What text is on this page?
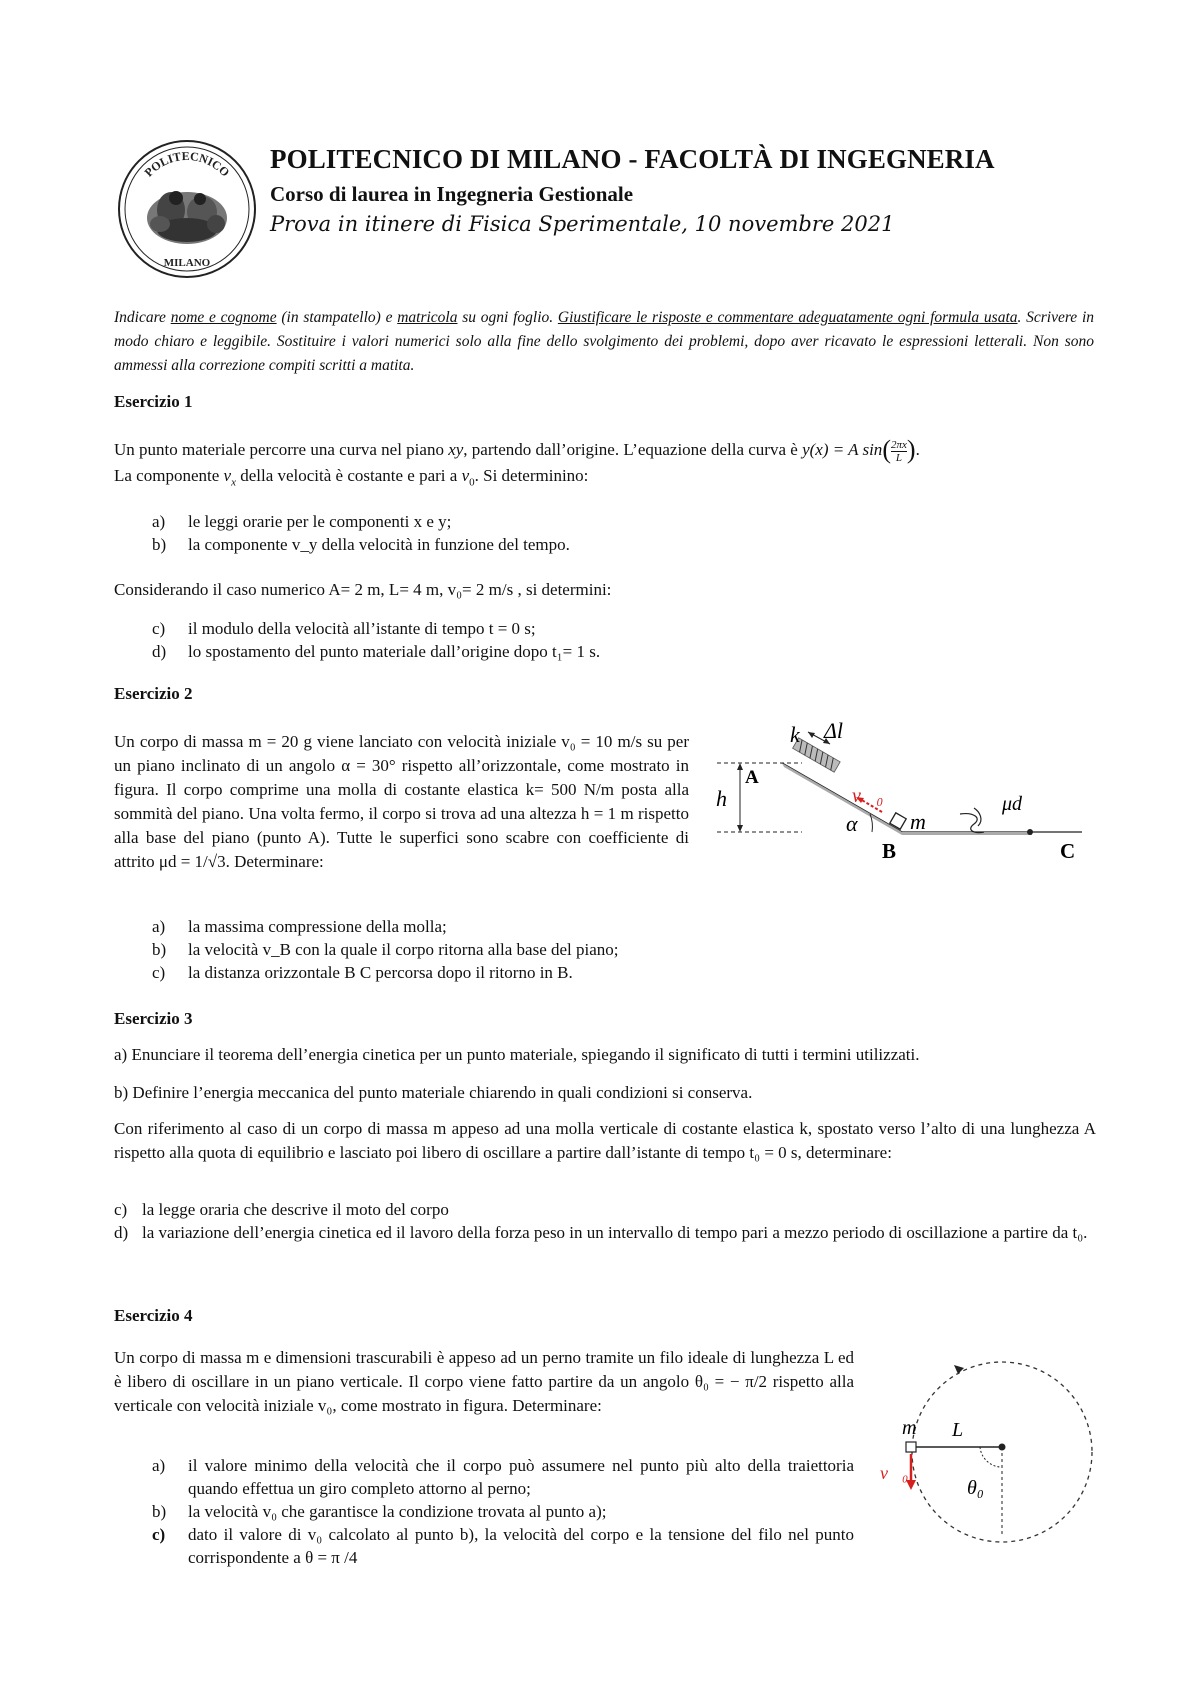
POLITECNICO
MILANO
POLITECNICO DI MILANO - FACOLTÀ DI INGEGNERIA
Corso di laurea in Ingegneria Gestionale
Prova in itinere di Fisica Sperimentale, 10 novembre 2021
Indicare nome e cognome (in stampatello) e matricola su ogni foglio. Giustificare le risposte e commentare adeguatamente ogni formula usata. Scrivere in modo chiaro e leggibile. Sostituire i valori numerici solo alla fine dello svolgimento dei problemi, dopo aver ricavato le espressioni letterali. Non sono ammessi alla correzione compiti scritti a matita.
Esercizio 1
Un punto materiale percorre una curva nel piano xy, partendo dall’origine. L’equazione della curva è y(x) = A $\sin( \frac{2\pi x}{L}$ ).
La componente $v_x$ della velocità è costante e pari a $v_0$. Si determinino:
a) le leggi orarie per le componenti x e y;
b) la componente v_y della velocità in funzione del tempo.
Considerando il caso numerico A= 2 m, L= 4 m, v₀= 2 m/s , si determini:
c) il modulo della velocità all’istante di tempo t = 0 s;
d) lo spostamento del punto materiale dall’origine dopo t₁= 1 s.
Esercizio 2
Un corpo di massa m = 20 g viene lanciato con velocità iniziale v₀ = 10 m/s su per un piano inclinato di un angolo α = 30° rispetto all’orizzontale, come mostrato in figura. Il corpo comprime una molla di costante elastica k= 500 N/m posta alla sommità del piano. Una volta fermo, il corpo si trova ad una altezza h = 1 m rispetto alla base del piano (punto A). Tutte le superfici sono scabre con coefficiente di attrito μd = 1/√3. Determinare:
a) la massima compressione della molla;
b) la velocità v_B con la quale il corpo ritorna alla base del piano;
c) la distanza orizzontale B C percorsa dopo il ritorno in B.
k Δl
A
h	v⃗₀
α m
B
μd
C
Esercizio 3
a) Enunciare il teorema dell’energia cinetica per un punto materiale, spiegando il significato di tutti i termini utilizzati.
b) Definire l’energia meccanica del punto materiale chiarendo in quali condizioni si conserva.
Con riferimento al caso di un corpo di massa m appeso ad una molla verticale di costante elastica k, spostato verso l’alto di una lunghezza A rispetto alla quota di equilibrio e lasciato poi libero di oscillare a partire dall’istante di tempo t₀ = 0 s, determinare:
c) la legge oraria che descrive il moto del corpo
d) la variazione dell’energia cinetica ed il lavoro della forza peso in un intervallo di tempo pari a mezzo periodo di oscillazione a partire da t₀.
Esercizio 4
Un corpo di massa m e dimensioni trascurabili è appeso ad un perno tramite un filo ideale di lunghezza L ed è libero di oscillare in un piano verticale. Il corpo viene fatto partire da un angolo θ₀ = − π/2 rispetto alla verticale con velocità iniziale v₀, come mostrato in figura. Determinare:
a) il valore minimo della velocità che il corpo può assumere nel punto più alto della traiettoria quando effettua un giro completo attorno al perno;
b) la velocità v₀ che garantisce la condizione trovata al punto a);
c) dato il valore di v₀ calcolato al punto b), la velocità del corpo e la tensione del filo nel punto corrispondente a θ = π /4
m L
v⃗₀
θ₀
